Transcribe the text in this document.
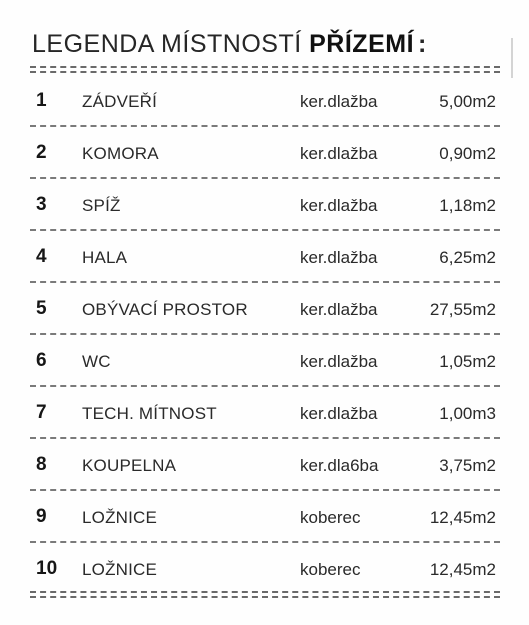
LEGENDA MÍSTNOSTÍ PŘÍZEMÍ :
1 ZÁDVEŘÍ	ker.dlažba	5,00m2
2 KOMORA	ker.dlažba	0,90m2
3 SPÍŽ	ker.dlažba	1,18m2
4 HALA	ker.dlažba	6,25m2
5 OBÝVACÍ PROSTOR	ker.dlažba	27,55m2
6 WC	ker.dlažba	1,05m2
7 TECH. MÍTNOST	ker.dlažba	1,00m3
8 KOUPELNA	ker.dla6ba	3,75m2
9 LOŽNICE	koberec	12,45m2
10 LOŽNICE	koberec	12,45m2
